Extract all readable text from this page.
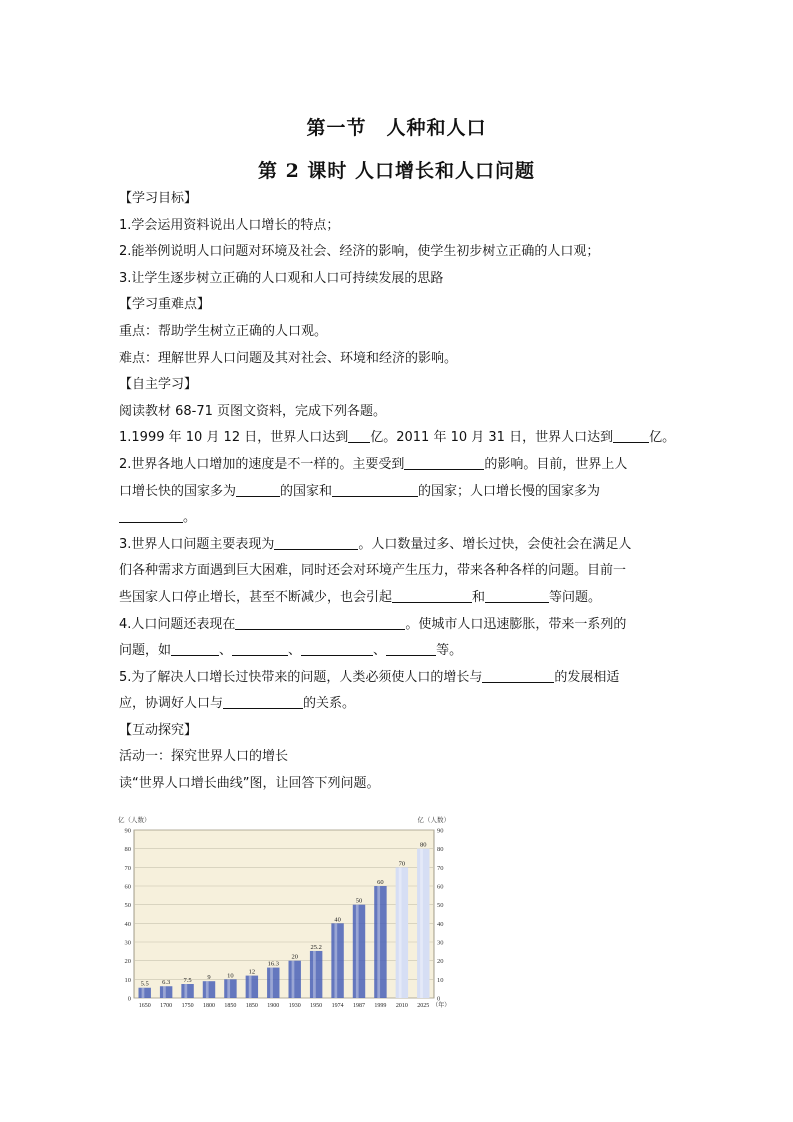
第一节　人种和人口
第 2 课时 人口增长和人口问题

【学习目标】

1.学会运用资料说出人口增长的特点；

2.能举例说明人口问题对环境及社会、经济的影响，使学生初步树立正确的人口观；

3.让学生逐步树立正确的人口观和人口可持续发展的思路

【学习重难点】

重点：帮助学生树立正确的人口观。

难点：理解世界人口问题及其对社会、环境和经济的影响。

【自主学习】

阅读教材 68-71 页图文资料，完成下列各题。

1.1999 年 10 月 12 日，世界人口达到 亿。2011 年 10 月 31 日，世界人口达到	亿。

2.世界各地人口增加的速度是不一样的。主要受到	的影响。目前，世界上人

口增长快的国家多为	的国家和	的国家；人口增长慢的国家多为

。

3.世界人口问题主要表现为	。人口数量过多、增长过快，会使社会在满足人

们各种需求方面遇到巨大困难，同时还会对环境产生压力，带来各种各样的问题。目前一

些国家人口停止增长，甚至不断减少，也会引起	和	等问题。

4.人口问题还表现在	。使城市人口迅速膨胀，带来一系列的

问题，如	、	、	、	等。

5.为了解决人口增长过快带来的问题，人类必须使人口的增长与	的发展相适

应，协调好人口与	的关系。

【互动探究】

活动一：探究世界人口的增长

读“世界人口增长曲线”图，让回答下列问题。

0	0
10	10
20	20
30	30
40	40
50	50
60	60
70	70
80	80
90	90
亿（人数）	亿（人数）
5.5
1650
6.3
1700
7.5
1750
9
1800
10
1850
12
1850
16.3
1900
20
1930
25.2
1950
40
1974
50
1987
60
1999
70
2010
80
2025 （年）
